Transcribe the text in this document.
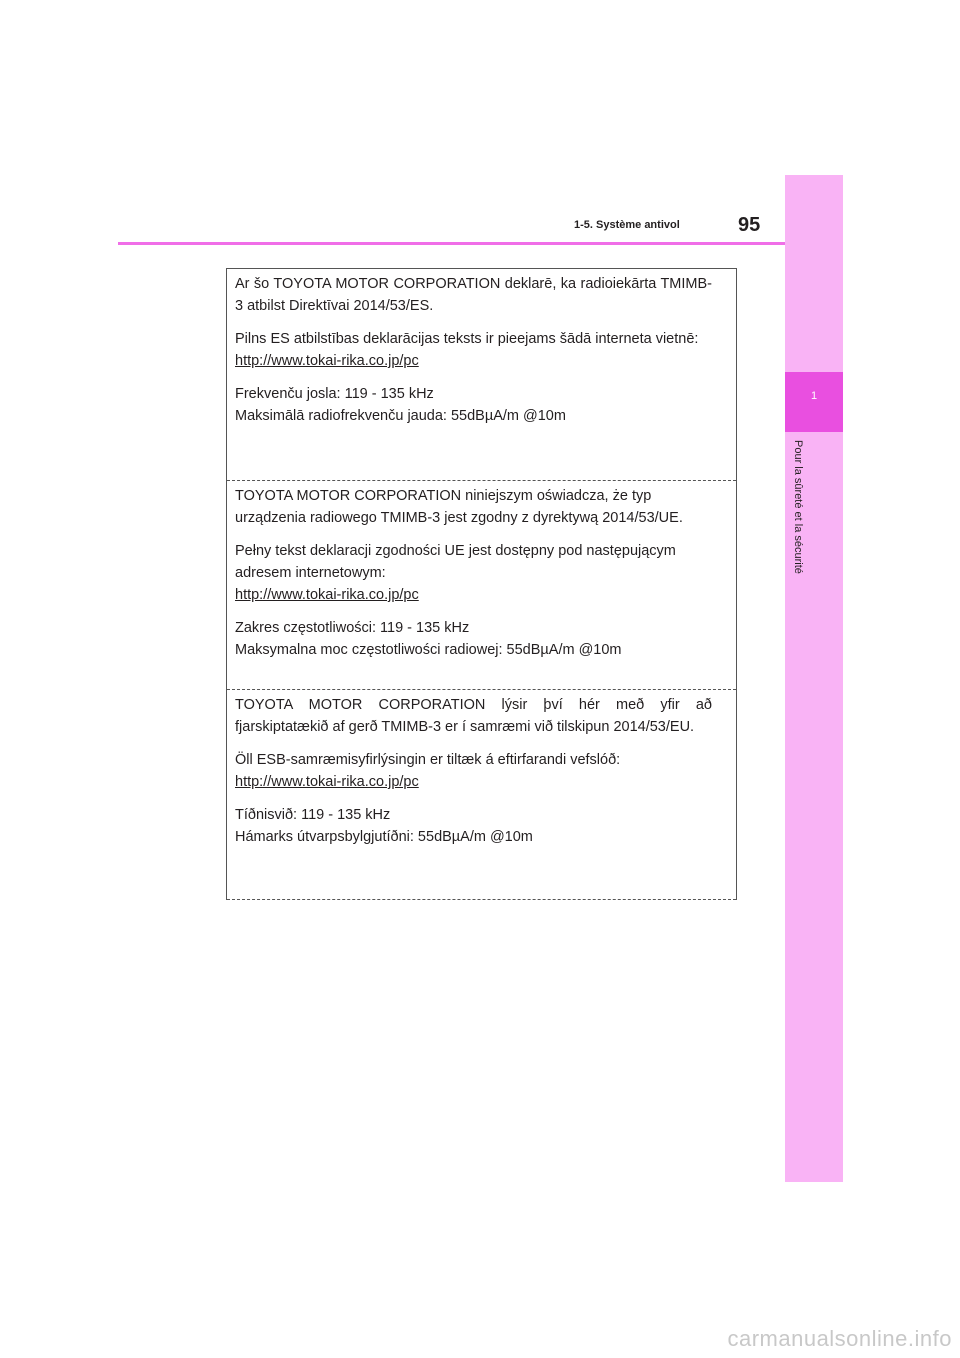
1
Pour la sûreté et la sécurité
1-5. Système antivol	95

Ar šo TOYOTA MOTOR CORPORATION deklarē, ka radioiekārta TMIMB-3 atbilst Direktīvai 2014/53/ES.

Pilns ES atbilstības deklarācijas teksts ir pieejams šādā interneta vietnē:
http://www.tokai-rika.co.jp/pc

Frekvenču josla: 119 - 135 kHz
Maksimālā radiofrekvenču jauda: 55dBµA/m @10m

TOYOTA MOTOR CORPORATION niniejszym oświadcza, że typ
urządzenia radiowego TMIMB-3 jest zgodny z dyrektywą 2014/53/UE.

Pełny tekst deklaracji zgodności UE jest dostępny pod następującym
adresem internetowym:
http://www.tokai-rika.co.jp/pc

Zakres częstotliwości: 119 - 135 kHz
Maksymalna moc częstotliwości radiowej: 55dBµA/m @10m

TOYOTA MOTOR CORPORATION lýsir því hér með yfir að fjarskiptatækið af gerð TMIMB-3 er í samræmi við tilskipun 2014/53/EU.

Öll ESB-samræmisyfirlýsingin er tiltæk á eftirfarandi vefslóð:
http://www.tokai-rika.co.jp/pc

Tíðnisvið: 119 - 135 kHz
Hámarks útvarpsbylgjutíðni: 55dBµA/m @10m

carmanualsonline.info
